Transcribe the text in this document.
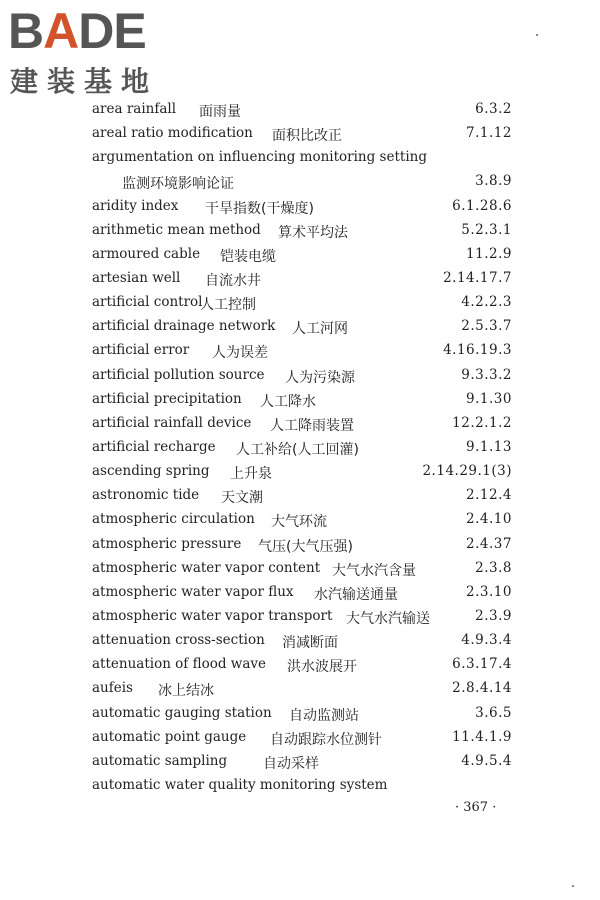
B A DE
建装基地
area rainfall 面雨量	6.3.2
areal ratio modification 面积比改正	7.1.12
argumentation on influencing monitoring setting
监测环境影响论证	3.8.9
aridity index 干旱指数(干燥度)	6.1.28.6
arithmetic mean method 算术平均法	5.2.3.1
armoured cable 铠装电缆	11.2.9
artesian well 自流水井	2.14.17.7
artificial control
人工控制	4.2.2.3
artificial drainage network 人工河网	2.5.3.7
artificial error 人为误差	4.16.19.3
artificial pollution source 人为污染源	9.3.3.2
artificial precipitation 人工降水	9.1.30
artificial rainfall device 人工降雨装置	12.2.1.2
artificial recharge 人工补给(人工回灌)	9.1.13
ascending spring 上升泉	2.14.29.1(3)
astronomic tide 天文潮	2.12.4
atmospheric circulation 大气环流	2.4.10
atmospheric pressure 气压(大气压强)	2.4.37
atmospheric water vapor content 大气水汽含量	2.3.8
atmospheric water vapor flux 水汽输送通量	2.3.10
atmospheric water vapor transport 大气水汽输送	2.3.9
attenuation cross-section 消减断面	4.9.3.4
attenuation of flood wave 洪水波展开	6.3.17.4
aufeis 冰上结冰	2.8.4.14
automatic gauging station 自动监测站	3.6.5
automatic point gauge 自动跟踪水位测针	11.4.1.9
automatic sampling	自动采样	4.9.5.4
automatic water quality monitoring system
· 367 ·
